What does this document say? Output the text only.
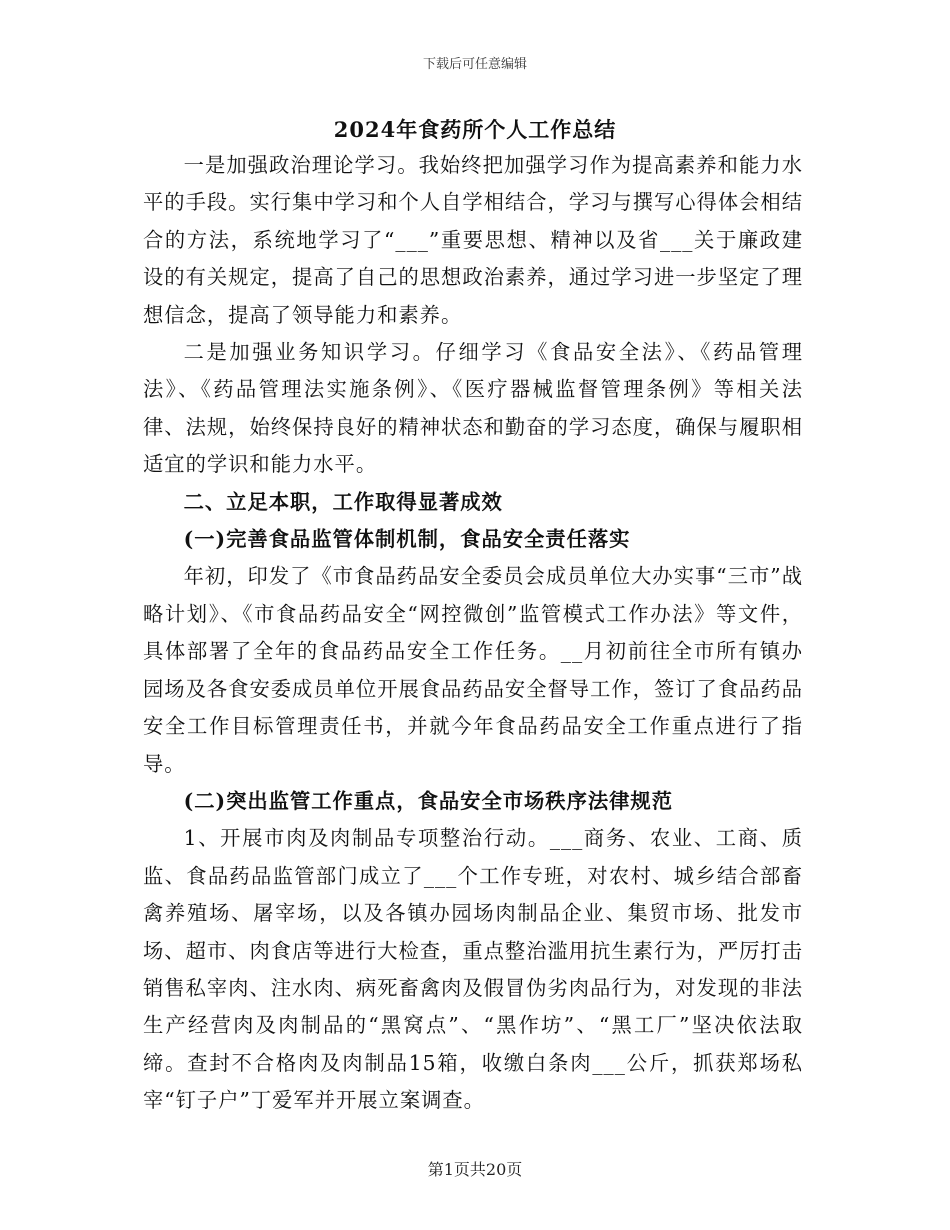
下载后可任意编辑
2024年食药所个人工作总结

一是加强政治理论学习。我始终把加强学习作为提高素养和能力水平的手段。实行集中学习和个人自学相结合，学习与撰写心得体会相结合的方法，系统地学习了“___”重要思想、精神以及省___关于廉政建设的有关规定，提高了自己的思想政治素养，通过学习进一步坚定了理想信念，提高了领导能力和素养。

二是加强业务知识学习。仔细学习《食品安全法》、《药品管理法》、《药品管理法实施条例》、《医疗器械监督管理条例》等相关法律、法规，始终保持良好的精神状态和勤奋的学习态度，确保与履职相适宜的学识和能力水平。

二、立足本职，工作取得显著成效

(一)完善食品监管体制机制，食品安全责任落实

年初，印发了《市食品药品安全委员会成员单位大办实事“三市”战略计划》、《市食品药品安全“网控微创”监管模式工作办法》等文件，具体部署了全年的食品药品安全工作任务。__月初前往全市所有镇办园场及各食安委成员单位开展食品药品安全督导工作，签订了食品药品安全工作目标管理责任书，并就今年食品药品安全工作重点进行了指导。

(二)突出监管工作重点，食品安全市场秩序法律规范

1、开展市肉及肉制品专项整治行动。___商务、农业、工商、质监、食品药品监管部门成立了___个工作专班，对农村、城乡结合部畜禽养殖场、屠宰场，以及各镇办园场肉制品企业、集贸市场、批发市场、超市、肉食店等进行大检查，重点整治滥用抗生素行为，严厉打击销售私宰肉、注水肉、病死畜禽肉及假冒伪劣肉品行为，对发现的非法生产经营肉及肉制品的“黑窝点”、“黑作坊”、“黑工厂”坚决依法取缔。查封不合格肉及肉制品15箱，收缴白条肉___公斤，抓获郑场私宰“钉子户”丁爱军并开展立案调查。

第1页共20页
